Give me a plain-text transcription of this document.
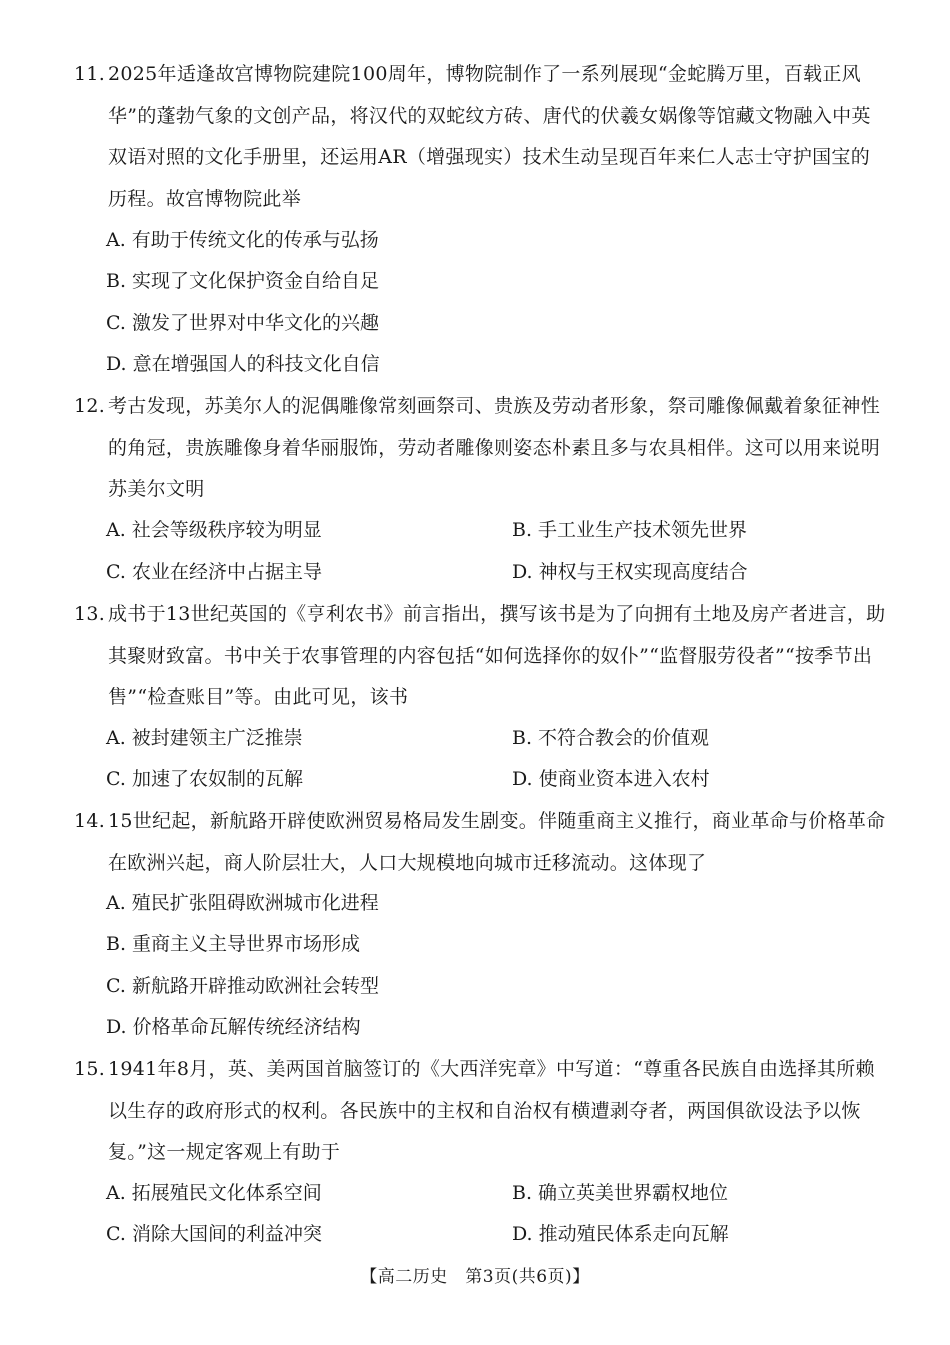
11. 2025年适逢故宫博物院建院100周年，博物院制作了一系列展现“金蛇腾万里，百载正风华”的蓬勃气象的文创产品，将汉代的双蛇纹方砖、唐代的伏羲女娲像等馆藏文物融入中英双语对照的文化手册里，还运用AR（增强现实）技术生动呈现百年来仁人志士守护国宝的历程。故宫博物院此举
A. 有助于传统文化的传承与弘扬
B. 实现了文化保护资金自给自足
C. 激发了世界对中华文化的兴趣
D. 意在增强国人的科技文化自信
12. 考古发现，苏美尔人的泥偶雕像常刻画祭司、贵族及劳动者形象，祭司雕像佩戴着象征神性的角冠，贵族雕像身着华丽服饰，劳动者雕像则姿态朴素且多与农具相伴。这可以用来说明苏美尔文明
A. 社会等级秩序较为明显	B. 手工业生产技术领先世界
C. 农业在经济中占据主导	D. 神权与王权实现高度结合
13. 成书于13世纪英国的《亨利农书》前言指出，撰写该书是为了向拥有土地及房产者进言，助其聚财致富。书中关于农事管理的内容包括“如何选择你的奴仆”“监督服劳役者”“按季节出售”“检查账目”等。由此可见，该书
A. 被封建领主广泛推崇	B. 不符合教会的价值观
C. 加速了农奴制的瓦解	D. 使商业资本进入农村
14. 15世纪起，新航路开辟使欧洲贸易格局发生剧变。伴随重商主义推行，商业革命与价格革命在欧洲兴起，商人阶层壮大，人口大规模地向城市迁移流动。这体现了
A. 殖民扩张阻碍欧洲城市化进程
B. 重商主义主导世界市场形成
C. 新航路开辟推动欧洲社会转型
D. 价格革命瓦解传统经济结构
15. 1941年8月，英、美两国首脑签订的《大西洋宪章》中写道：“尊重各民族自由选择其所赖以生存的政府形式的权利。各民族中的主权和自治权有横遭剥夺者，两国俱欲设法予以恢复。”这一规定客观上有助于
A. 拓展殖民文化体系空间	B. 确立英美世界霸权地位
C. 消除大国间的利益冲突	D. 推动殖民体系走向瓦解
【高二历史　第3页(共6页)】
